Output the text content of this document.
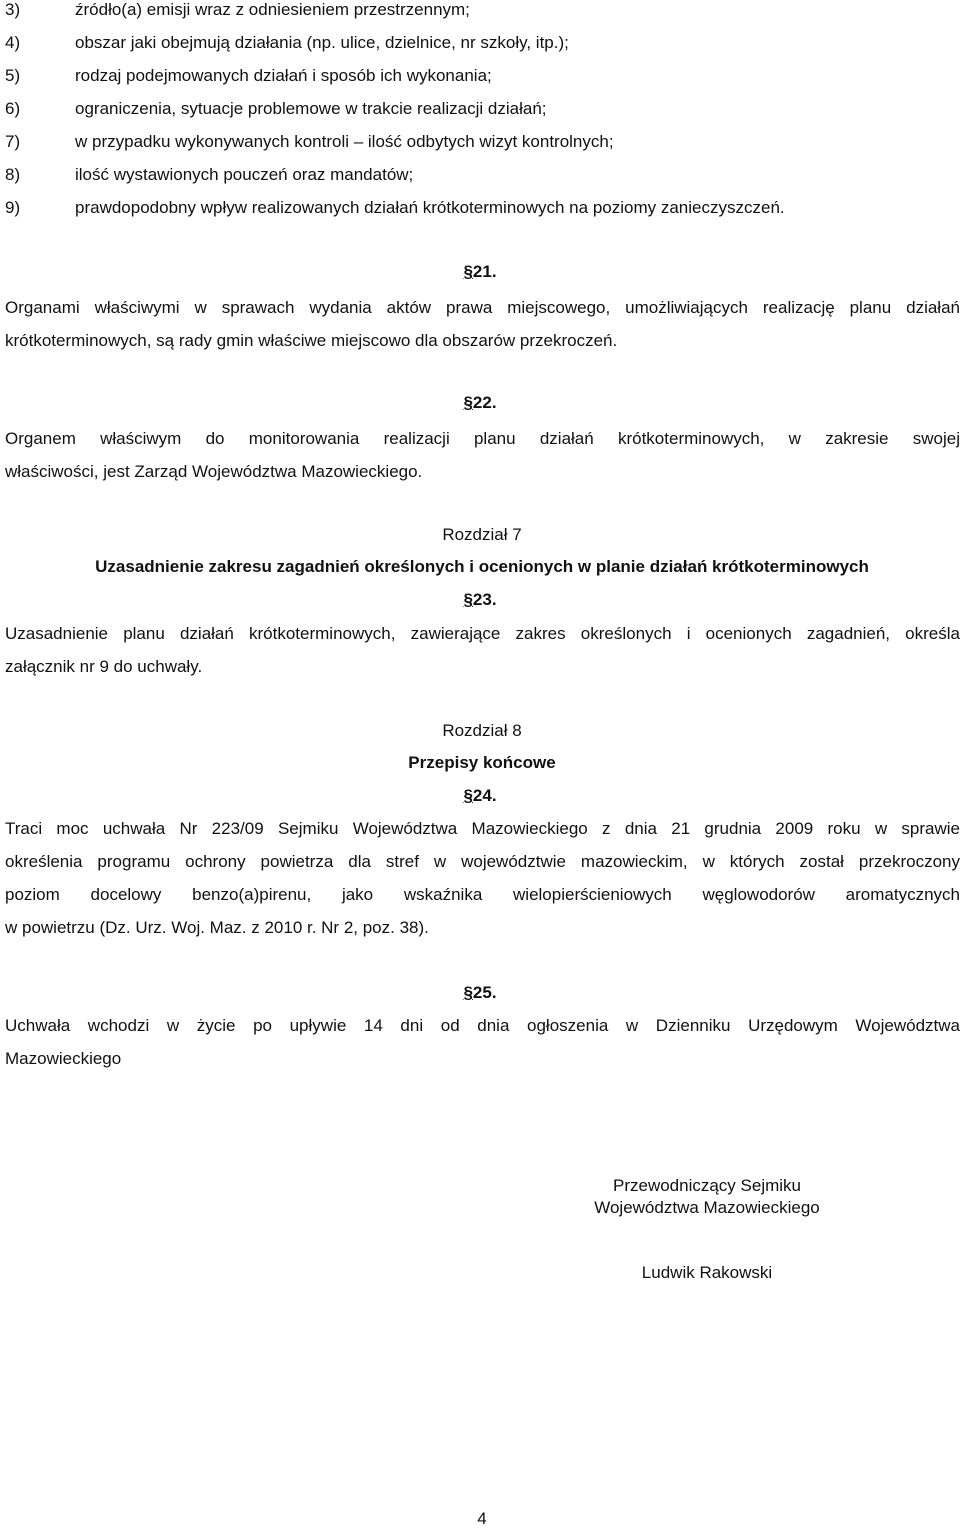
3)	źródło(a) emisji wraz z odniesieniem przestrzennym;
4)	obszar jaki obejmują działania (np. ulice, dzielnice, nr szkoły, itp.);
5)	rodzaj podejmowanych działań i sposób ich wykonania;
6)	ograniczenia, sytuacje problemowe w trakcie realizacji działań;
7)	w przypadku wykonywanych kontroli – ilość odbytych wizyt kontrolnych;
8)	ilość wystawionych pouczeń oraz mandatów;
9)	prawdopodobny wpływ realizowanych działań krótkoterminowych na poziomy zanieczyszczeń.
§21.
Organami właściwymi w sprawach wydania aktów prawa miejscowego, umożliwiających realizację planu działań
krótkoterminowych, są rady gmin właściwe miejscowo dla obszarów przekroczeń.
§22.
Organem właściwym do monitorowania realizacji planu działań krótkoterminowych, w zakresie swojej
właściwości, jest Zarząd Województwa Mazowieckiego.
Rozdział 7
Uzasadnienie zakresu zagadnień określonych i ocenionych w planie działań krótkoterminowych
§23.
Uzasadnienie planu działań krótkoterminowych, zawierające zakres określonych i ocenionych zagadnień, określa
załącznik nr 9 do uchwały.
Rozdział 8
Przepisy końcowe
§24.
Traci moc uchwała Nr 223/09 Sejmiku Województwa Mazowieckiego z dnia 21 grudnia 2009 roku w sprawie
określenia programu ochrony powietrza dla stref w województwie mazowieckim, w których został przekroczony
poziom docelowy benzo(a)pirenu, jako wskaźnika wielopierścieniowych węglowodorów aromatycznych
w powietrzu (Dz. Urz. Woj. Maz. z 2010 r. Nr 2, poz. 38).
§25.
Uchwała wchodzi w życie po upływie 14 dni od dnia ogłoszenia w Dzienniku Urzędowym Województwa
Mazowieckiego
Przewodniczący Sejmiku
Województwa Mazowieckiego
Ludwik Rakowski
4
